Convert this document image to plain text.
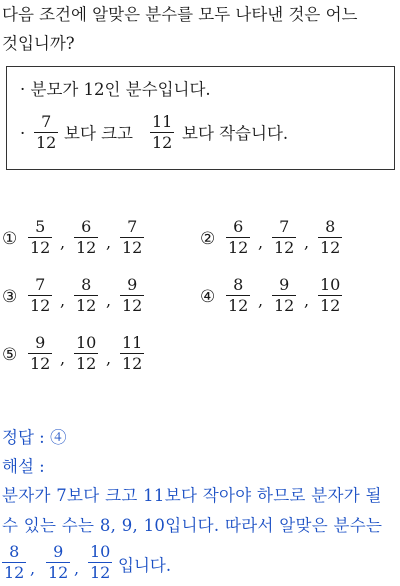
다음 조건에 알맞은 분수를 모두 나타낸 것은 어느
것입니까?
· 분모가 12인 분수입니다.
·
7
12 보다 크고
11
12 보다 작습니다.
①
5
12 ,
6
12 ,
7
12	②
6
12 ,
7
12 ,
8
12
③
7
12 ,
8
12 ,
9
12	④
8
12 ,
9
12 ,
10
12
⑤
9
12 ,
10
12 ,
11
12
정답 : ④
해설 :
분자가 7보다 크고 11보다 작아야 하므로 분자가 될
수 있는 수는 8, 9, 10입니다. 따라서 알맞은 분수는
8
12 ,
9
12 ,
10
12 입니다.
